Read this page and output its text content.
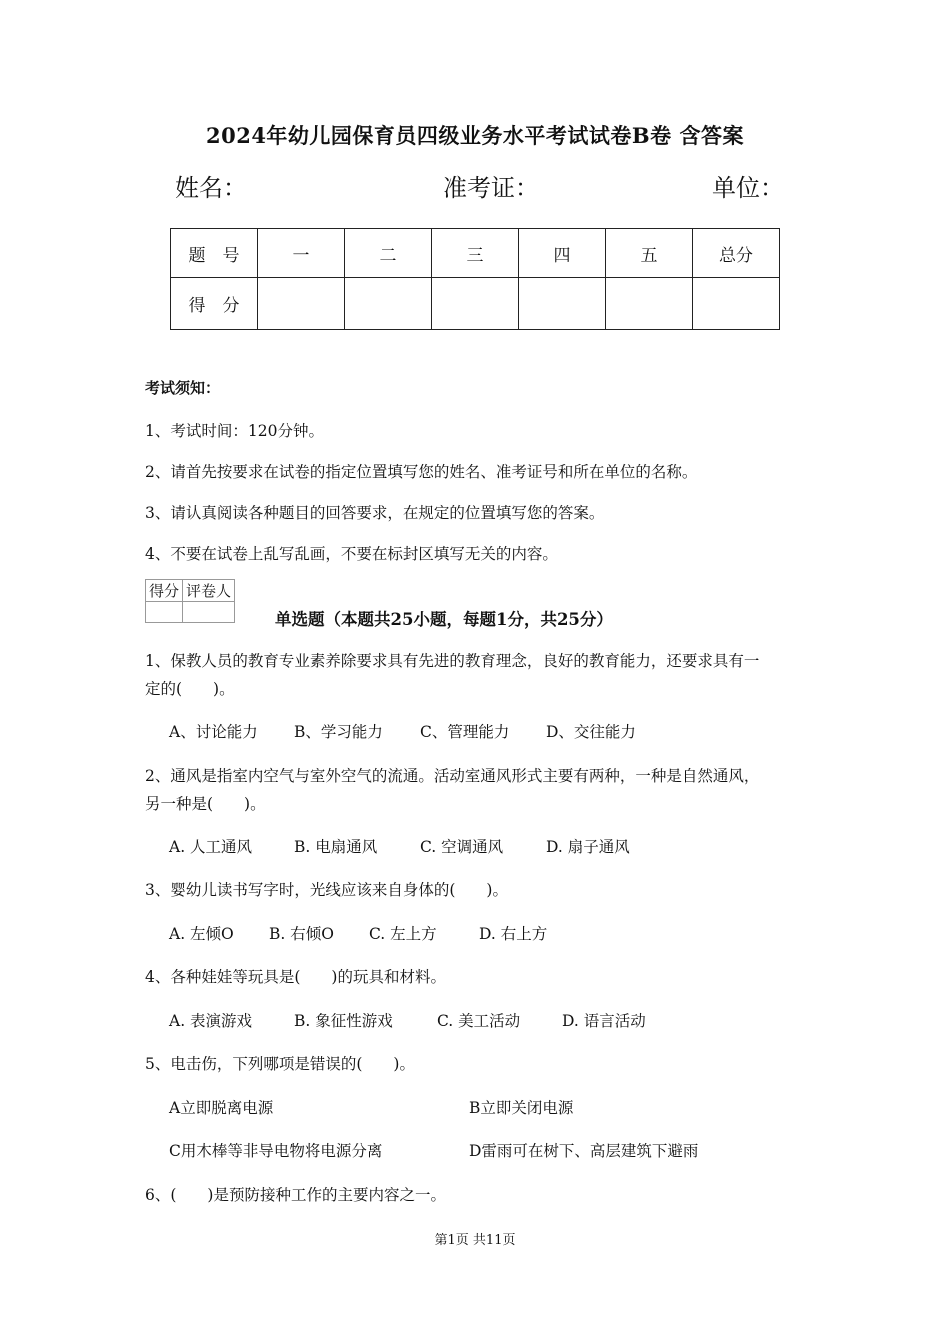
2024年幼儿园保育员四级业务水平考试试卷B卷 含答案
姓名：	准考证：	单位：
题　号	一	二	三	四	五	总分
得　分						
考试须知：
1、考试时间：120分钟。
2、请首先按要求在试卷的指定位置填写您的姓名、准考证号和所在单位的名称。
3、请认真阅读各种题目的回答要求，在规定的位置填写您的答案。
4、不要在试卷上乱写乱画，不要在标封区填写无关的内容。
得分	评卷人

单选题（本题共25小题，每题1分，共25分）
1、保教人员的教育专业素养除要求具有先进的教育理念，良好的教育能力，还要求具有一
定的(　　)。
A、讨论能力 B、学习能力 C、管理能力 D、交往能力
2、通风是指室内空气与室外空气的流通。活动室通风形式主要有两种，一种是自然通风，
另一种是(　　)。
A. 人工通风	B. 电扇通风	C. 空调通风	D. 扇子通风
3、婴幼儿读书写字时，光线应该来自身体的(　　)。
A. 左倾O B. 右倾O C. 左上方	D. 右上方
4、各种娃娃等玩具是(　　)的玩具和材料。
A. 表演游戏	B. 象征性游戏	C. 美工活动	D. 语言活动
5、电击伤，下列哪项是错误的(　　)。
A立即脱离电源	B立即关闭电源
C用木棒等非导电物将电源分离	D雷雨可在树下、高层建筑下避雨
6、(　　)是预防接种工作的主要内容之一。
第1页 共11页
